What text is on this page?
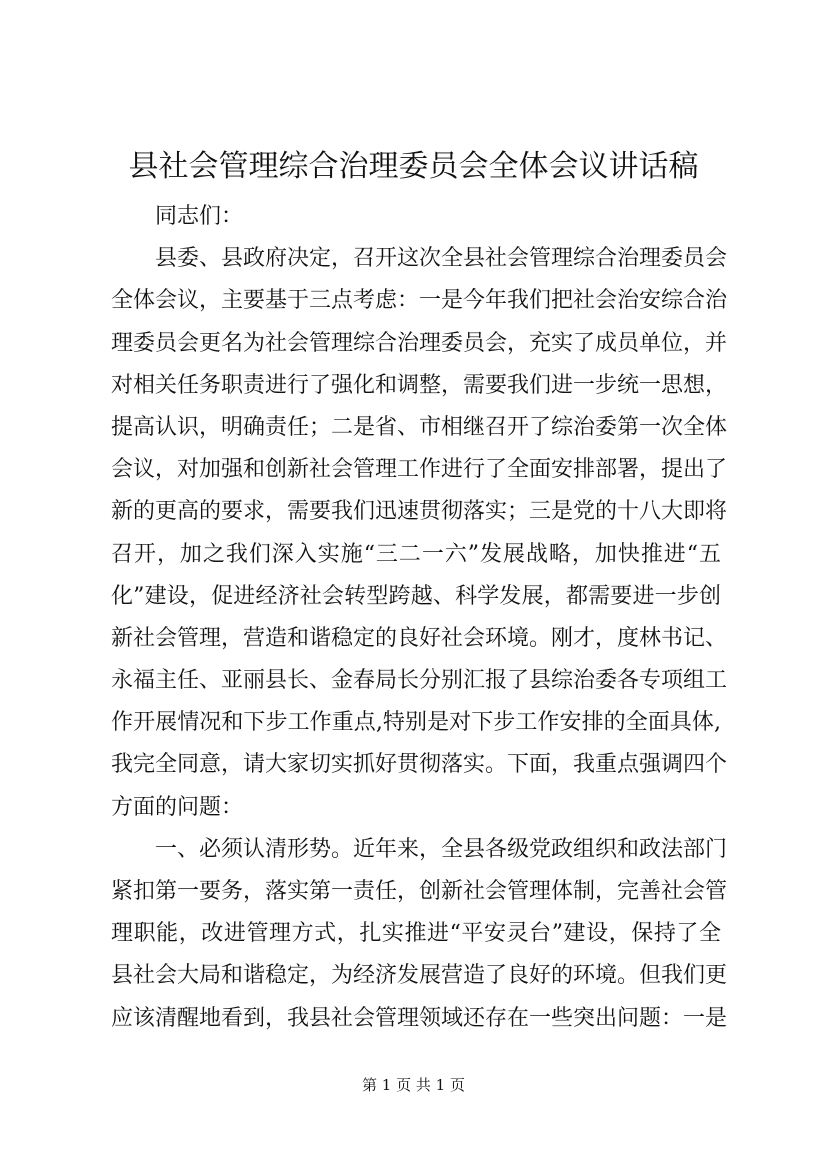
县社会管理综合治理委员会全体会议讲话稿
同志们：
县委、县政府决定，召开这次全县社会管理综合治理委员会
全体会议，主要基于三点考虑：一是今年我们把社会治安综合治
理委员会更名为社会管理综合治理委员会，充实了成员单位，并
对相关任务职责进行了强化和调整，需要我们进一步统一思想，
提高认识，明确责任；二是省、市相继召开了综治委第一次全体
会议，对加强和创新社会管理工作进行了全面安排部署，提出了
新的更高的要求，需要我们迅速贯彻落实；三是党的十八大即将
召开，加之我们深入实施“三二一六”发展战略，加快推进“五
化”建设，促进经济社会转型跨越、科学发展，都需要进一步创
新社会管理，营造和谐稳定的良好社会环境。刚才，度林书记、
永福主任、亚丽县长、金春局长分别汇报了县综治委各专项组工
作开展情况和下步工作重点,特别是对下步工作安排的全面具体,
我完全同意，请大家切实抓好贯彻落实。下面，我重点强调四个
方面的问题：
一、必须认清形势。近年来，全县各级党政组织和政法部门
紧扣第一要务，落实第一责任，创新社会管理体制，完善社会管
理职能，改进管理方式，扎实推进“平安灵台”建设，保持了全
县社会大局和谐稳定，为经济发展营造了良好的环境。但我们更
应该清醒地看到，我县社会管理领域还存在一些突出问题：一是
第 1 页 共 1 页
